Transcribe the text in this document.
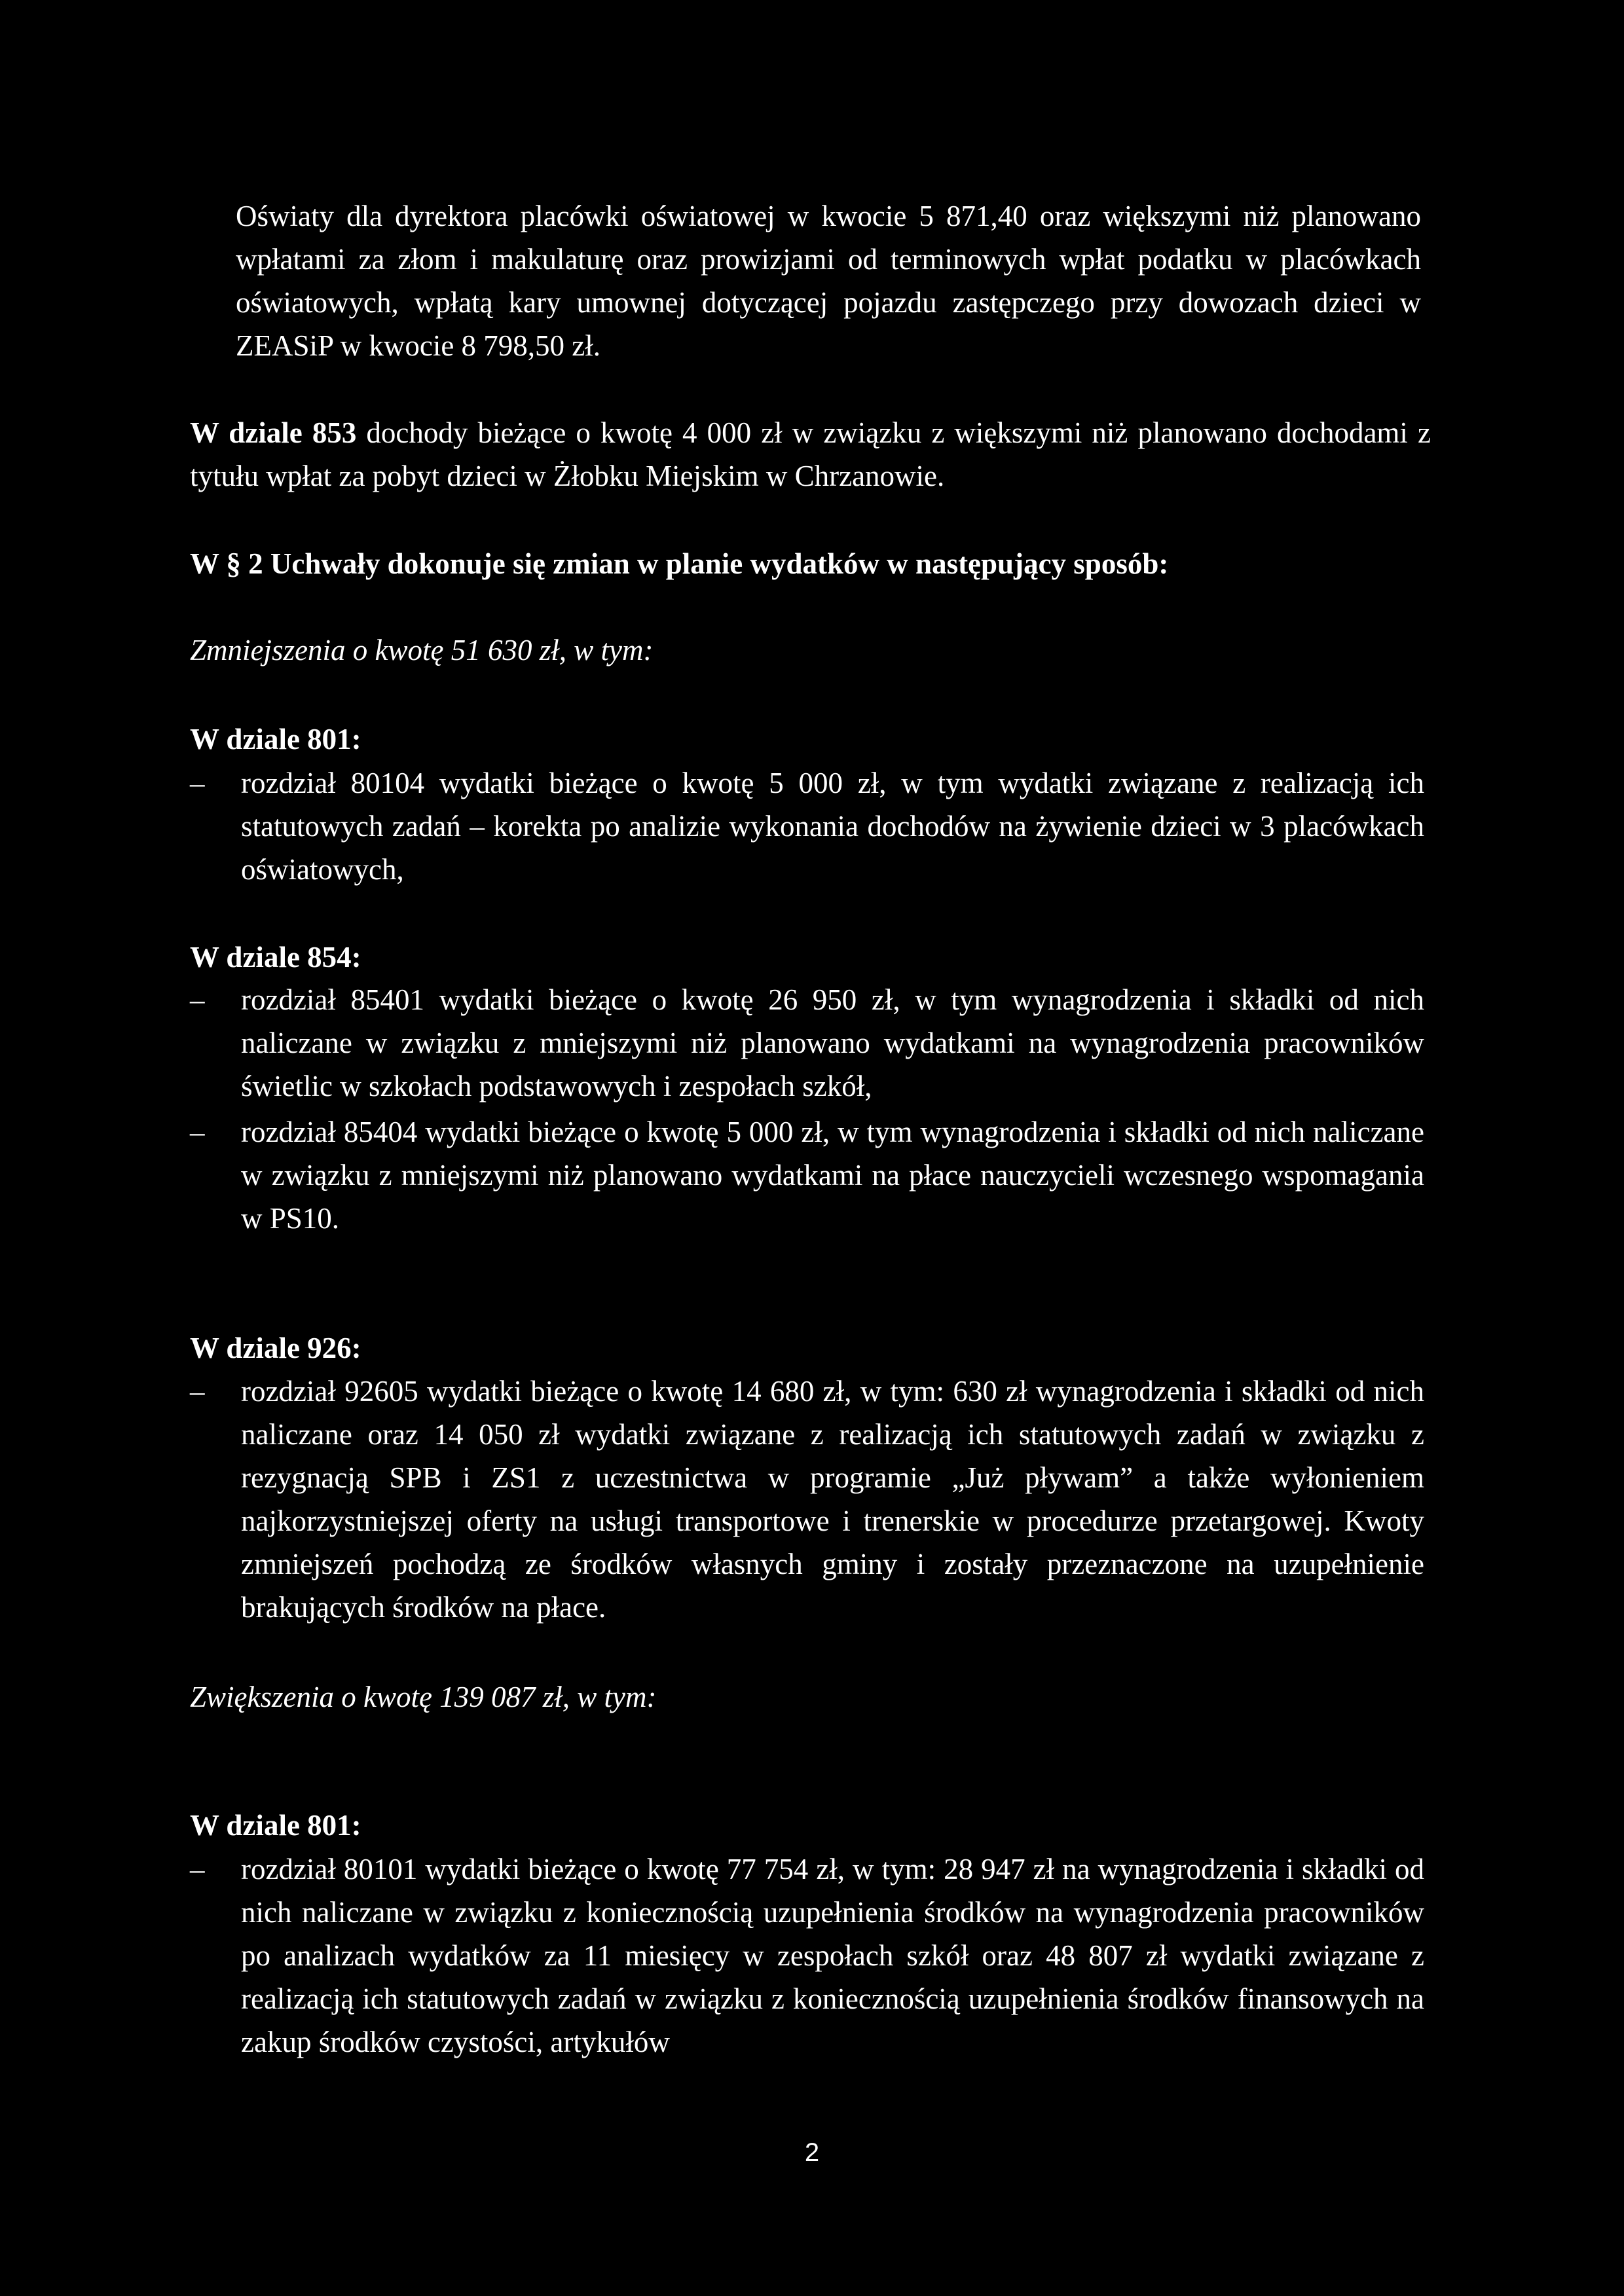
Oświaty dla dyrektora placówki oświatowej w kwocie 5 871,40 oraz większymi niż planowano wpłatami za złom i makulaturę oraz prowizjami od terminowych wpłat podatku w placówkach oświatowych, wpłatą kary umownej dotyczącej pojazdu zastępczego przy dowozach dzieci w ZEASiP w kwocie 8 798,50 zł.

W dziale 853 dochody bieżące o kwotę 4 000 zł w związku z większymi niż planowano dochodami z tytułu wpłat za pobyt dzieci w Żłobku Miejskim w Chrzanowie.

W § 2 Uchwały dokonuje się zmian w planie wydatków w następujący sposób:

Zmniejszenia o kwotę 51 630 zł, w tym:

W dziale 801:

– rozdział 80104 wydatki bieżące o kwotę 5 000 zł, w tym wydatki związane z realizacją ich statutowych zadań – korekta po analizie wykonania dochodów na żywienie dzieci w 3 placówkach oświatowych,

W dziale 854:

– rozdział 85401 wydatki bieżące o kwotę 26 950 zł, w tym wynagrodzenia i składki od nich naliczane w związku z mniejszymi niż planowano wydatkami na wynagrodzenia pracowników świetlic w szkołach podstawowych i zespołach szkół,
– rozdział 85404 wydatki bieżące o kwotę 5 000 zł, w tym wynagrodzenia i składki od nich naliczane w związku z mniejszymi niż planowano wydatkami na płace nauczycieli wczesnego wspomagania w PS10.

W dziale 926:

– rozdział 92605 wydatki bieżące o kwotę 14 680 zł, w tym: 630 zł wynagrodzenia i składki od nich naliczane oraz 14 050 zł wydatki związane z realizacją ich statutowych zadań w związku z rezygnacją SPB i ZS1 z uczestnictwa w programie „Już pływam” a także wyłonieniem najkorzystniejszej oferty na usługi transportowe i trenerskie w procedurze przetargowej. Kwoty zmniejszeń pochodzą ze środków własnych gminy i zostały przeznaczone na uzupełnienie brakujących środków na płace.

Zwiększenia o kwotę 139 087 zł, w tym:

W dziale 801:

– rozdział 80101 wydatki bieżące o kwotę 77 754 zł, w tym: 28 947 zł na wynagrodzenia i składki od nich naliczane w związku z koniecznością uzupełnienia środków na wynagrodzenia pracowników po analizach wydatków za 11 miesięcy w zespołach szkół oraz 48 807 zł wydatki związane z realizacją ich statutowych zadań w związku z koniecznością uzupełnienia środków finansowych na zakup środków czystości, artykułów
2
